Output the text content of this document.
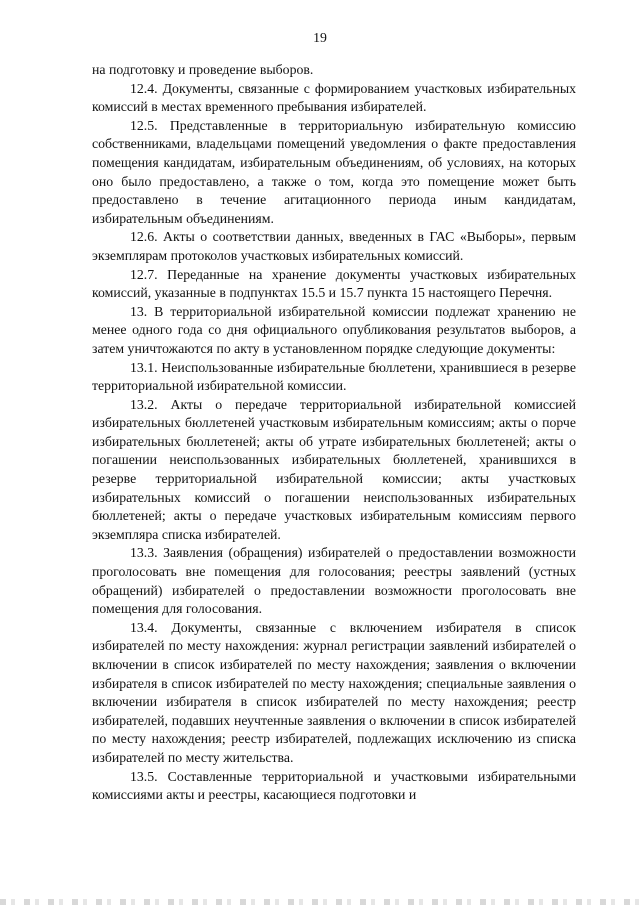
19

на подготовку и проведение выборов.

12.4. Документы, связанные с формированием участковых избирательных комиссий в местах временного пребывания избирателей.

12.5. Представленные в территориальную избирательную комиссию собственниками, владельцами помещений уведомления о факте предоставления помещения кандидатам, избирательным объединениям, об условиях, на которых оно было предоставлено, а также о том, когда это помещение может быть предоставлено в течение агитационного периода иным кандидатам, избирательным объединениям.

12.6. Акты о соответствии данных, введенных в ГАС «Выборы», первым экземплярам протоколов участковых избирательных комиссий.

12.7. Переданные на хранение документы участковых избирательных комиссий, указанные в подпунктах 15.5 и 15.7 пункта 15 настоящего Перечня.

13. В территориальной избирательной комиссии подлежат хранению не менее одного года со дня официального опубликования результатов выборов, а затем уничтожаются по акту в установленном порядке следующие документы:

13.1. Неиспользованные избирательные бюллетени, хранившиеся в резерве территориальной избирательной комиссии.

13.2. Акты о передаче территориальной избирательной комиссией избирательных бюллетеней участковым избирательным комиссиям; акты о порче избирательных бюллетеней; акты об утрате избирательных бюллетеней; акты о погашении неиспользованных избирательных бюллетеней, хранившихся в резерве территориальной избирательной комиссии; акты участковых избирательных комиссий о погашении неиспользованных избирательных бюллетеней; акты о передаче участковых избирательным комиссиям первого экземпляра списка избирателей.

13.3. Заявления (обращения) избирателей о предоставлении возможности проголосовать вне помещения для голосования; реестры заявлений (устных обращений) избирателей о предоставлении возможности проголосовать вне помещения для голосования.

13.4. Документы, связанные с включением избирателя в список избирателей по месту нахождения: журнал регистрации заявлений избирателей о включении в список избирателей по месту нахождения; заявления о включении избирателя в список избирателей по месту нахождения; специальные заявления о включении избирателя в список избирателей по месту нахождения; реестр избирателей, подавших неучтенные заявления о включении в список избирателей по месту нахождения; реестр избирателей, подлежащих исключению из списка избирателей по месту жительства.

13.5. Составленные территориальной и участковыми избирательными комиссиями акты и реестры, касающиеся подготовки и
